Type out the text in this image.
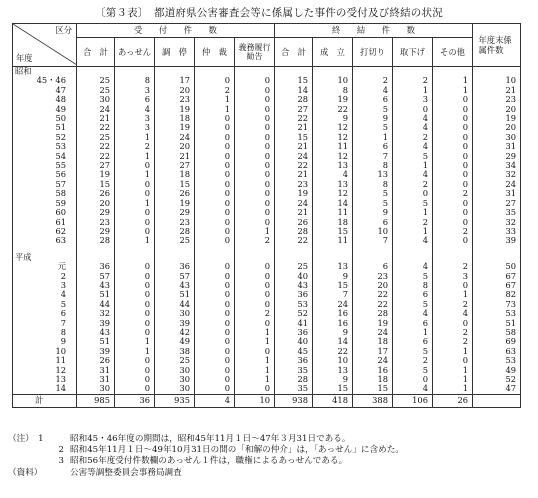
〔第３表〕　都道府県公害審査会等に係属した事件の受付及び終結の状況
区分
年度	受　　付　　件　　数					終　　結　　件　　数					年度末係属件数

	合　計	あっせん	調　停	仲　裁	義務履行勧告	合　計	成　立	打切り	取下げ	その他	
昭和											
45・46	25	8	17	0	0	15	10	2	2	1	10
47	25	3	20	2	0	14	8	4	1	1	21
48	30	6	23	1	0	28	19	6	3	0	23
49	24	4	19	1	0	27	22	5	0	0	20
50	21	3	18	0	0	22	9	9	4	0	19
51	22	3	19	0	0	21	12	5	4	0	20
52	25	1	24	0	0	15	12	1	2	0	30
53	22	2	20	0	0	21	11	6	4	0	31
54	22	1	21	0	0	24	12	7	5	0	29
55	27	0	27	0	0	22	13	8	1	0	34
56	19	1	18	0	0	21	4	13	4	0	32
57	15	0	15	0	0	23	13	8	2	0	24
58	26	0	26	0	0	19	12	5	0	2	31
59	20	1	19	0	0	24	14	5	5	0	27
60	29	0	29	0	0	21	11	9	1	0	35
61	23	0	23	0	0	26	18	6	2	0	32
62	29	0	28	0	1	28	15	10	1	2	33
63	28	1	25	0	2	22	11	7	4	0	39

平成											
元	36	0	36	0	0	25	13	6	4	2	50
2	57	0	57	0	0	40	9	23	5	3	67
3	43	0	43	0	0	43	15	20	8	0	67
4	51	0	51	0	0	36	7	22	6	1	82
5	44	0	44	0	0	53	24	22	5	2	73
6	32	0	30	0	2	52	16	28	4	4	53
7	39	0	39	0	0	41	16	19	6	0	51
8	43	0	42	0	1	36	9	24	1	2	58
9	51	1	49	0	1	40	14	18	6	2	69
10	39	1	38	0	0	45	22	17	5	1	63
11	26	0	25	0	1	36	10	24	2	0	53
12	31	0	30	0	1	35	13	16	5	1	49
13	31	0	30	0	1	28	9	18	0	1	52
14	30	0	30	0	0	35	15	15	4	1	47
計	985	36	935	4	10	938	418	388	106	26	
（注）　1	昭和45・46年度の期間は，昭和45年11月１日～47年３月31日である。
2 昭和45年11月１日～49年10月31日の間の「和解の仲介」は，「あっせん」に含めた。
3 昭和56年度受付件数欄のあっせん１件は，職権によるあっせんである。
（資料）	公害等調整委員会事務局調査
